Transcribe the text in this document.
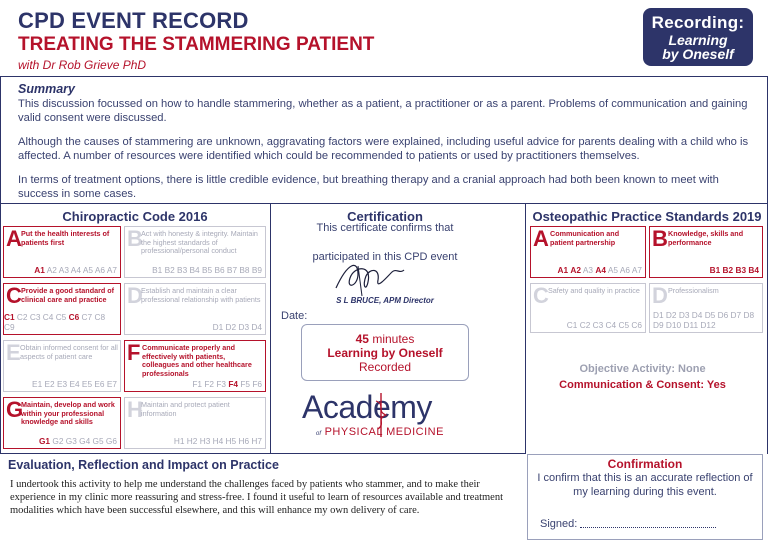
CPD EVENT RECORD
TREATING THE STAMMERING PATIENT
with Dr Rob Grieve PhD
Recording:
Learning
by Oneself
Summary

This discussion focussed on how to handle stammering, whether as a patient, a practitioner or as a parent. Problems of communication and gaining valid consent were discussed.

Although the causes of stammering are unknown, aggravating factors were explained, including useful advice for parents dealing with a child who is affected. A number of resources were identified which could be recommended to patients or used by practitioners themselves.

In terms of treatment options, there is little credible evidence, but breathing therapy and a cranial approach had both been known to meet with success in some cases.

Chiropractic Code 2016
A Put the health interests of patients first
A1 A2 A3 A4 A5 A6 A7
B
Act with honesty & integrity. Maintain the highest standards of professional/personal conduct
B1 B2 B3 B4 B5 B6 B7 B8 B9
C Provide a good standard of clinical care and practice
C1 C2 C3 C4 C5 C6 C7 C8 C9
D
Establish and maintain a clear professional relationship with patients
D1 D2 D3 D4
E Obtain informed consent for all aspects of patient care
E1 E2 E3 E4 E5 E6 E7
F Communicate properly and effectively with patients, colleagues and other healthcare professionals
F1 F2 F3 F4 F5 F6
G
Maintain, develop and work within your professional knowledge and skills
G1 G2 G3 G4 G5 G6
H
Maintain and protect patient information
H1 H2 H3 H4 H5 H6 H7
Certification
This certificate confirms that
participated in this CPD event
S L BRUCE, APM Director
Date:
45 minutes
Learning by Oneself
Recorded
Academy
of PHYSICAL MEDICINE
Osteopathic Practice Standards 2019
A Communication and patient partnership
A1 A2 A3 A4 A5 A6 A7
B Knowledge, skills and performance
B1 B2 B3 B4
C Safety and quality in practice
C1 C2 C3 C4 C5 C6
D Professionalism
D1 D2 D3 D4 D5 D6 D7 D8 D9 D10 D11 D12
Objective Activity: None
Communication & Consent: Yes
Evaluation, Reflection and Impact on Practice
I undertook this activity to help me understand the challenges faced by patients who stammer, and to make their experience in my clinic more reassuring and stress-free. I found it useful to learn of resources available and treatment modalities which have been successful elsewhere, and this will enhance my own delivery of care.
Confirmation
I confirm that this is an accurate reflection of my learning during this event.
Signed:
